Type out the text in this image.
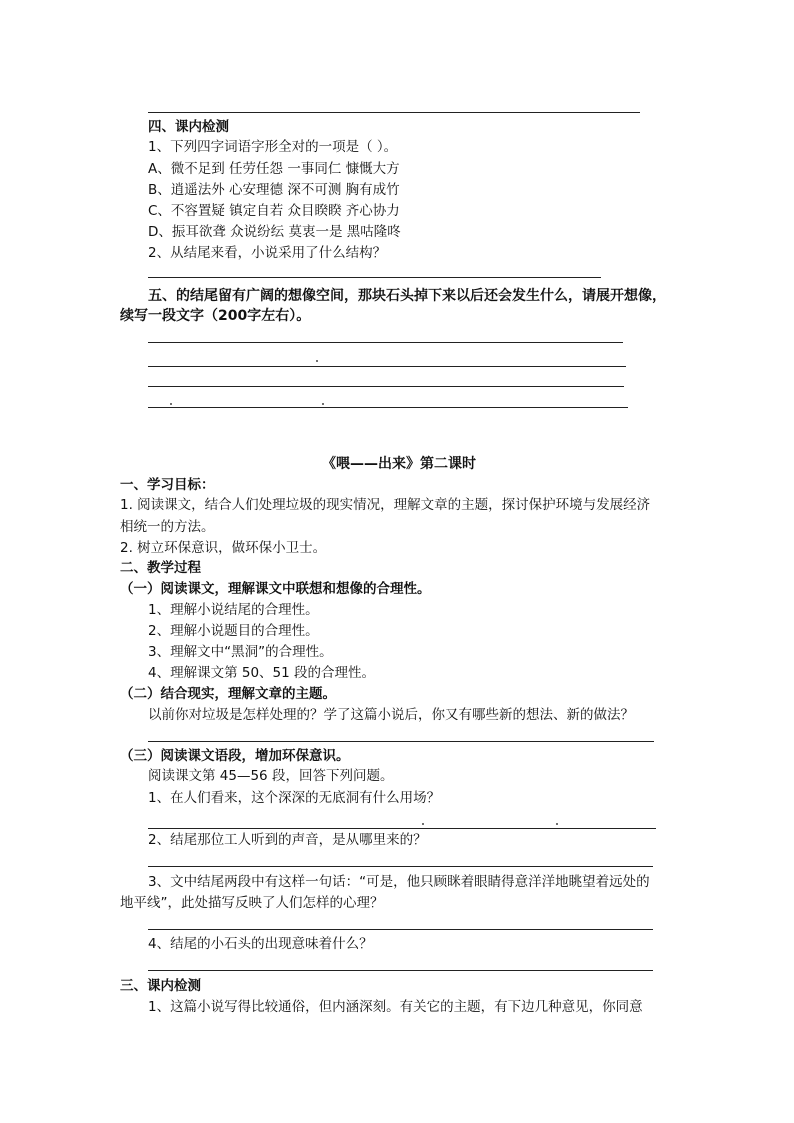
四、课内检测
1、下列四字词语字形全对的一项是（ ）。
A、微不足到 任劳任怨 一事同仁 慷慨大方
B、逍遥法外 心安理德 深不可测 胸有成竹
C、不容置疑 镇定自若 众目睽睽 齐心协力
D、振耳欲聋 众说纷纭 莫衷一是 黑咕隆咚
2、从结尾来看，小说采用了什么结构？
五、的结尾留有广阔的想像空间，那块石头掉下来以后还会发生什么，请展开想像，
续写一段文字（200字左右）。
《喂——出来》第二课时
一、学习目标：
1. 阅读课文，结合人们处理垃圾的现实情况，理解文章的主题，探讨保护环境与发展经济
相统一的方法。
2. 树立环保意识，做环保小卫士。
二、教学过程
（一）阅读课文，理解课文中联想和想像的合理性。
1、理解小说结尾的合理性。
2、理解小说题目的合理性。
3、理解文中“黑洞”的合理性。
4、理解课文第 50、51 段的合理性。
（二）结合现实，理解文章的主题。
以前你对垃圾是怎样处理的？学了这篇小说后，你又有哪些新的想法、新的做法？
（三）阅读课文语段，增加环保意识。
阅读课文第 45—56 段，回答下列问题。
1、在人们看来，这个深深的无底洞有什么用场？
2、结尾那位工人听到的声音，是从哪里来的？
3、文中结尾两段中有这样一句话：“可是，他只顾眯着眼睛得意洋洋地眺望着远处的
地平线”，此处描写反映了人们怎样的心理？
4、结尾的小石头的出现意味着什么？
三、课内检测
1、这篇小说写得比较通俗，但内涵深刻。有关它的主题，有下边几种意见，你同意
